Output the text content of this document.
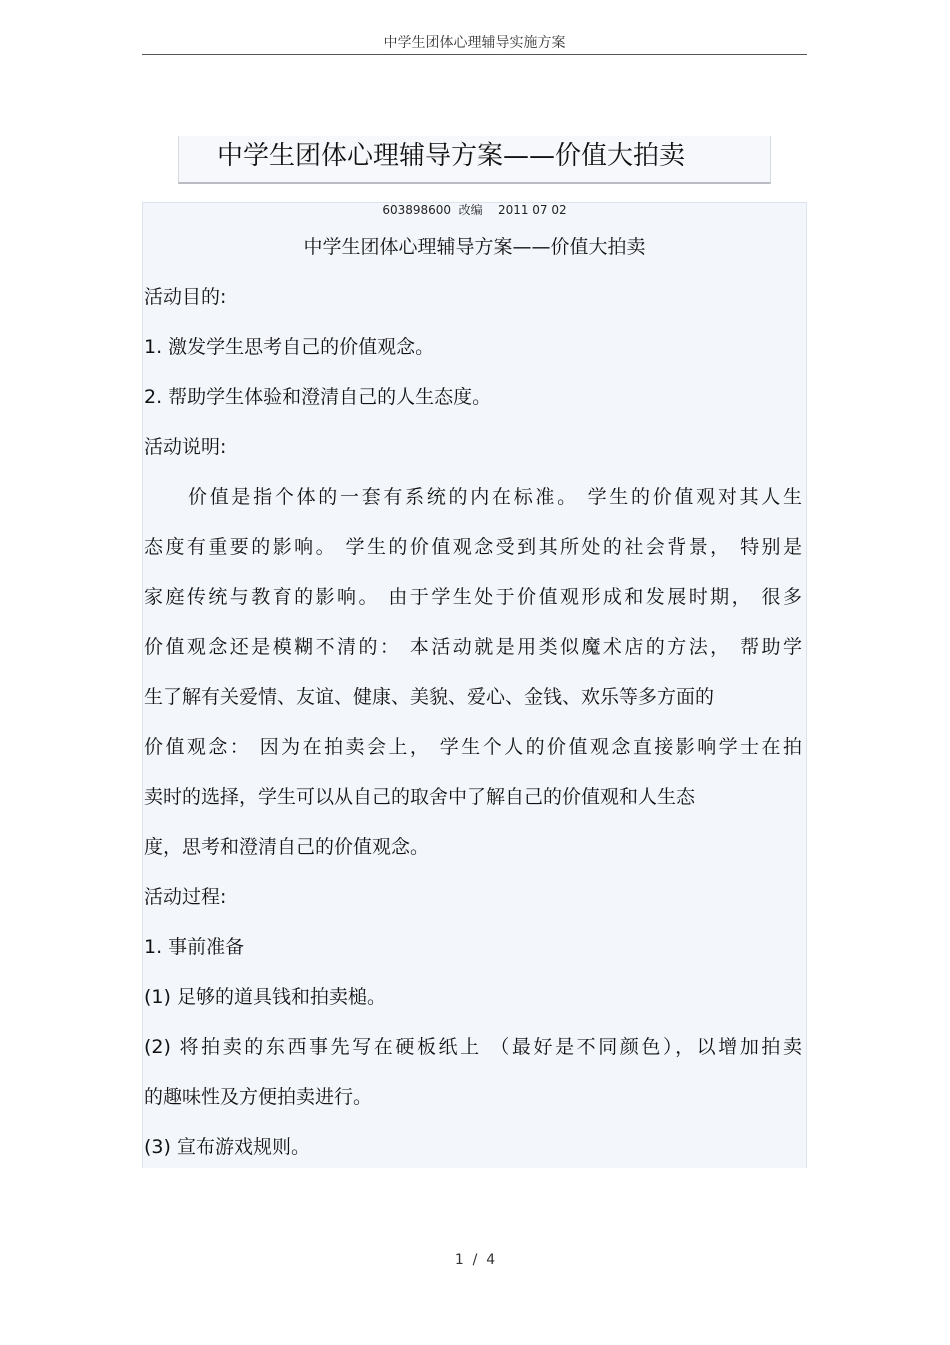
中学生团体心理辅导实施方案
中学生团体心理辅导方案——价值大拍卖
603898600  改编    2011 07 02
中学生团体心理辅导方案——价值大拍卖
活动目的:
1. 激发学生思考自己的价值观念。
2. 帮助学生体验和澄清自己的人生态度。
活动说明:
价值是指个体的一套有系统的内在标准。 学生的价值观对其人生
态度有重要的影响。 学生的价值观念受到其所处的社会背景， 特别是
家庭传统与教育的影响。 由于学生处于价值观形成和发展时期， 很多
价值观念还是模糊不清的： 本活动就是用类似魔术店的方法， 帮助学
生了解有关爱情、友谊、健康、美貌、爱心、金钱、欢乐等多方面的
价值观念： 因为在拍卖会上， 学生个人的价值观念直接影响学士在拍
卖时的选择，学生可以从自己的取舍中了解自己的价值观和人生态
度，思考和澄清自己的价值观念。
活动过程:
1. 事前准备
(1) 足够的道具钱和拍卖槌。
(2) 将拍卖的东西事先写在硬板纸上 （最好是不同颜色），以增加拍卖
的趣味性及方便拍卖进行。
(3) 宣布游戏规则。
1  /  4
